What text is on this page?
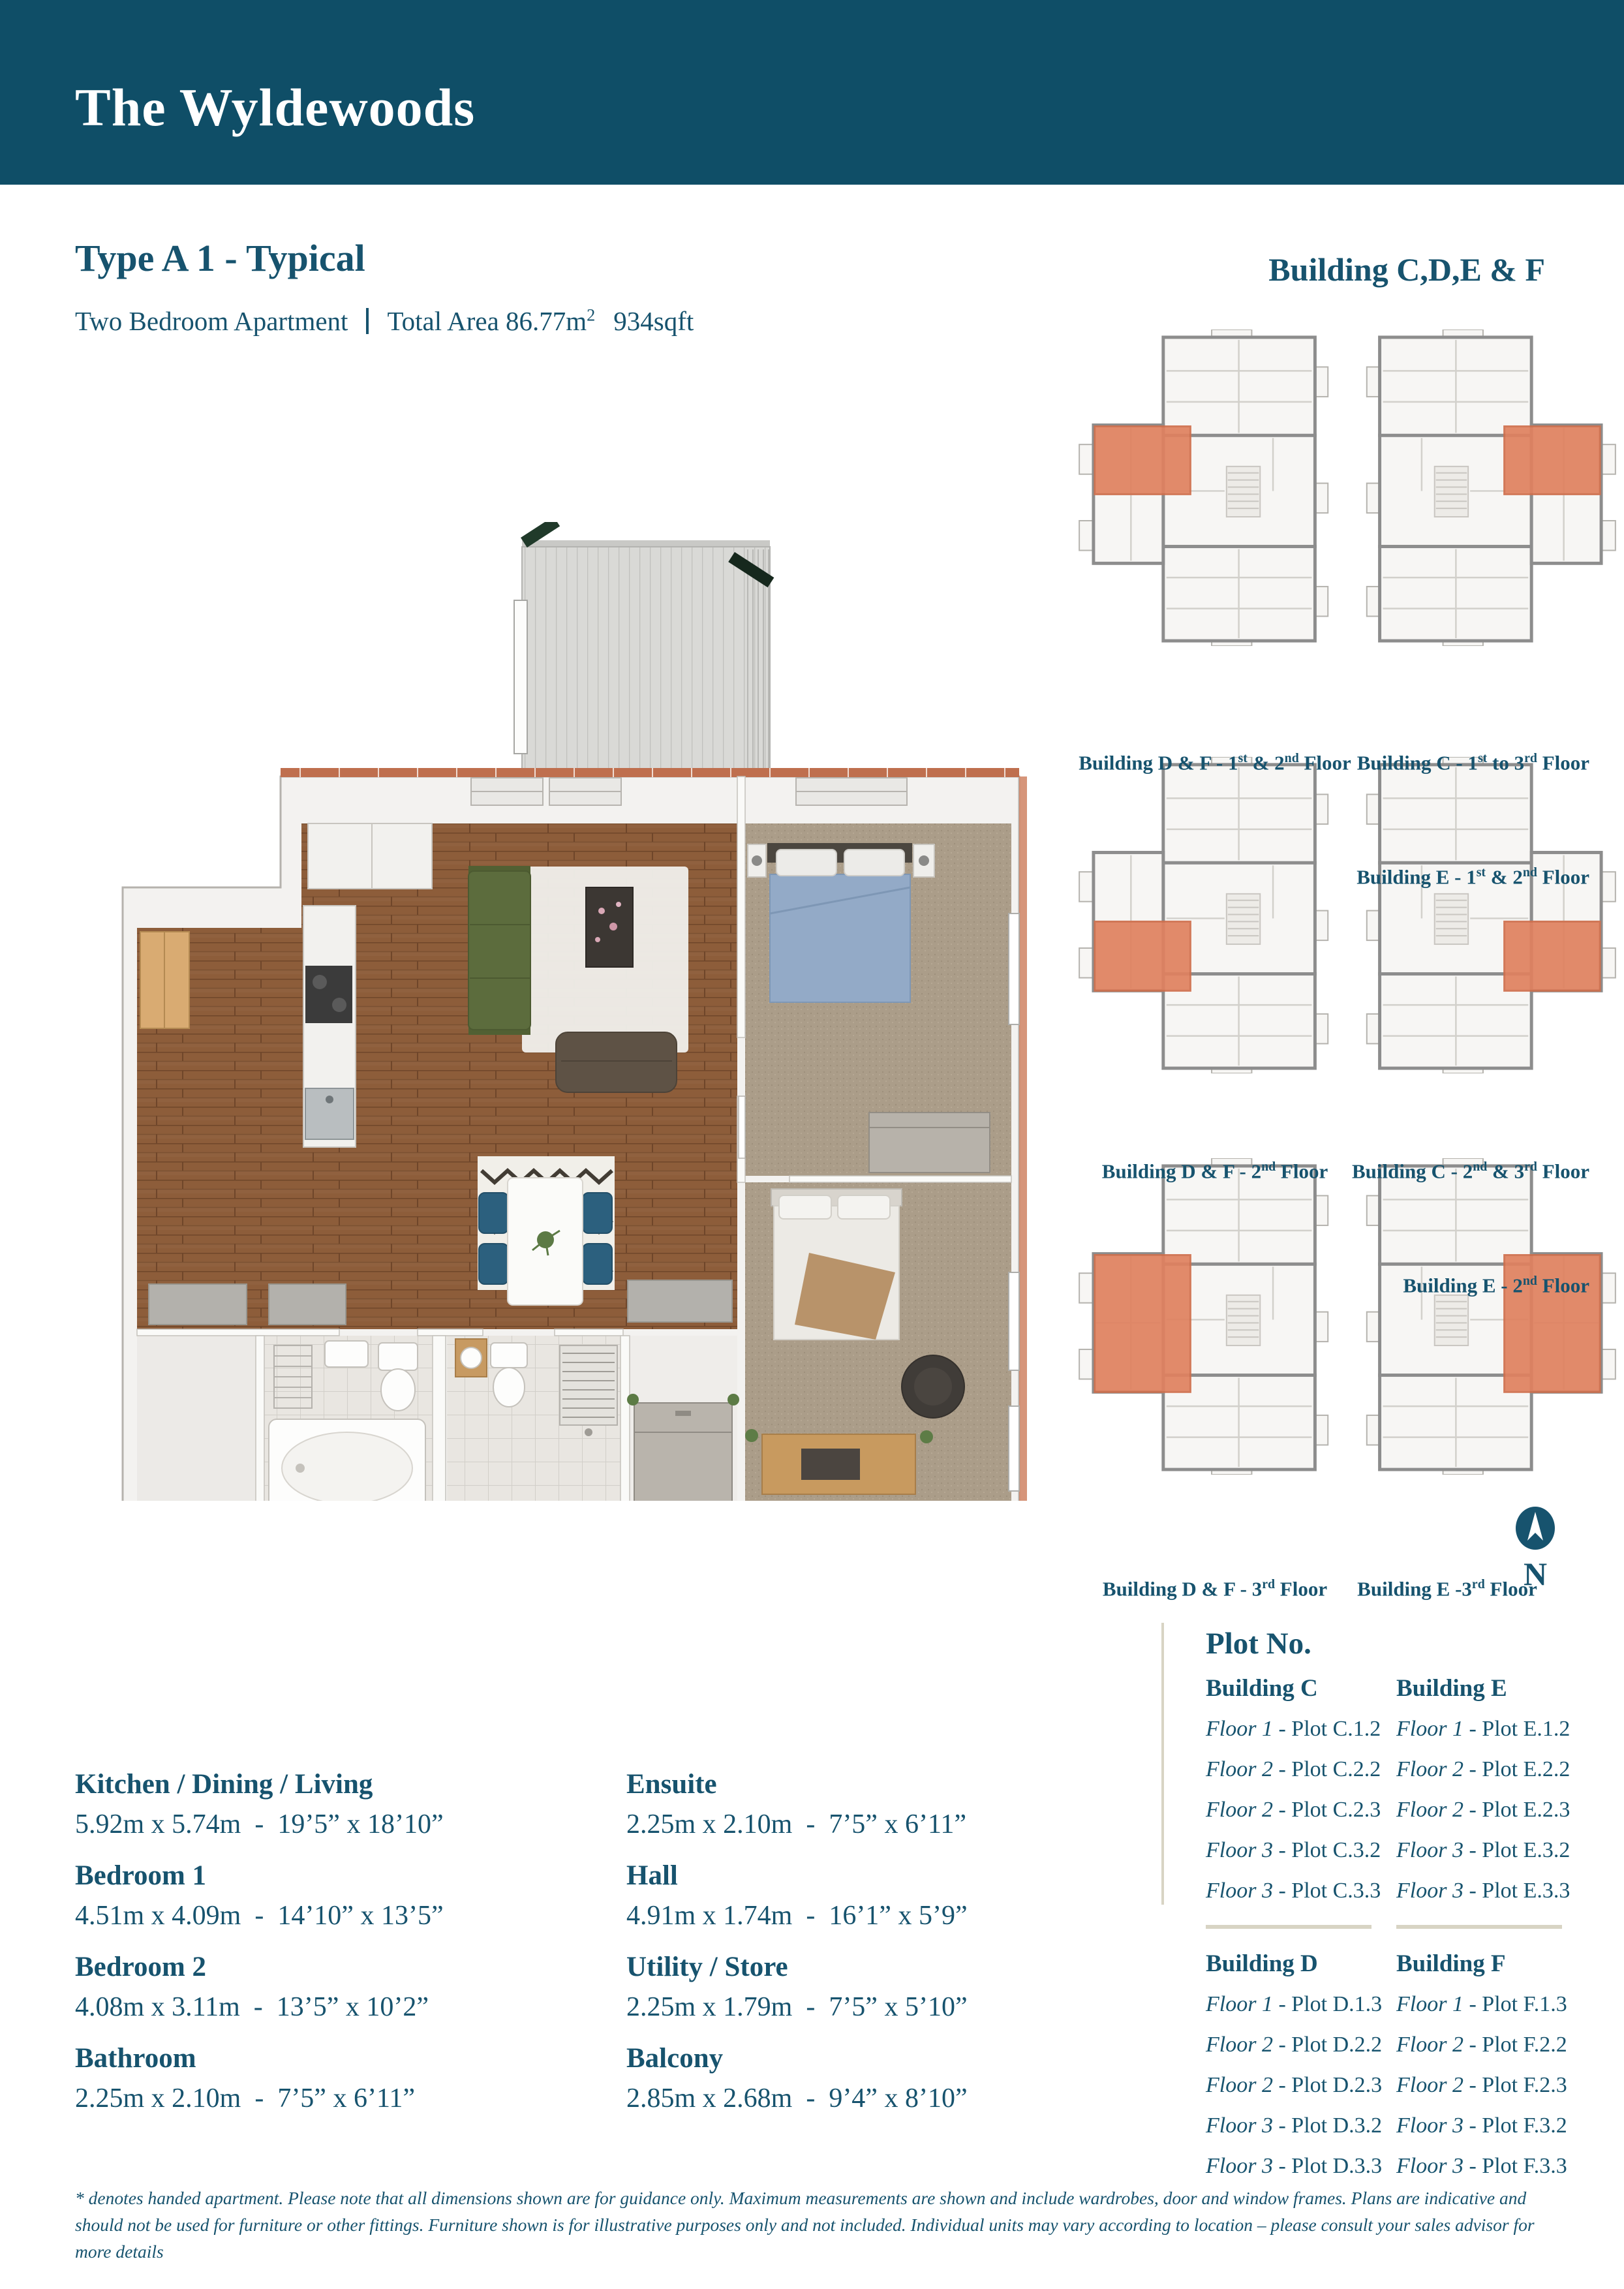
The Wyldewoods
Type A 1 - Typical
Two Bedroom Apartment Total Area $86.77m^2$ 934sqft
Building C,D,E & F

Building D & F - 1st & 2nd Floor

Building C - 1st to 3rd Floor

Building E - 1st & 2nd Floor

Building D & F - 2nd Floor

	Building C - 2nd & 3rd Floor

Building E - 2nd Floor

Building D & F - 3rd Floor

	Building E -3rd Floor

N
Plot No.
Building C
Floor 1 - Plot C.1.2
Floor 2 - Plot C.2.2
Floor 2 - Plot C.2.3
Floor 3 - Plot C.3.2
Floor 3 - Plot C.3.3
Building E
Floor 1 - Plot E.1.2
Floor 2 - Plot E.2.2
Floor 2 - Plot E.2.3
Floor 3 - Plot E.3.2
Floor 3 - Plot E.3.3
Building D
Floor 1 - Plot D.1.3
Floor 2 - Plot D.2.2
Floor 2 - Plot D.2.3
Floor 3 - Plot D.3.2
Floor 3 - Plot D.3.3
Building F
Floor 1 - Plot F.1.3
Floor 2 - Plot F.2.2
Floor 2 - Plot F.2.3
Floor 3 - Plot F.3.2
Floor 3 - Plot F.3.3
Kitchen / Dining / Living
5.92m x 5.74m  -  19’5” x 18’10”
Bedroom 1
4.51m x 4.09m  -  14’10” x 13’5”
Bedroom 2
4.08m x 3.11m  -  13’5” x 10’2”
Bathroom
2.25m x 2.10m  -  7’5” x 6’11”
Ensuite
2.25m x 2.10m  -  7’5” x 6’11”
Hall
4.91m x 1.74m  -  16’1” x 5’9”
Utility / Store
2.25m x 1.79m  -  7’5” x 5’10”
Balcony
2.85m x 2.68m  -  9’4” x 8’10”
* denotes handed apartment. Please note that all dimensions shown are for guidance only. Maximum measurements are shown and include wardrobes, door and window frames. Plans are indicative and should not be used for furniture or other fittings. Furniture shown is for illustrative purposes only and not included. Individual units may vary according to location – please consult your sales advisor for more details
